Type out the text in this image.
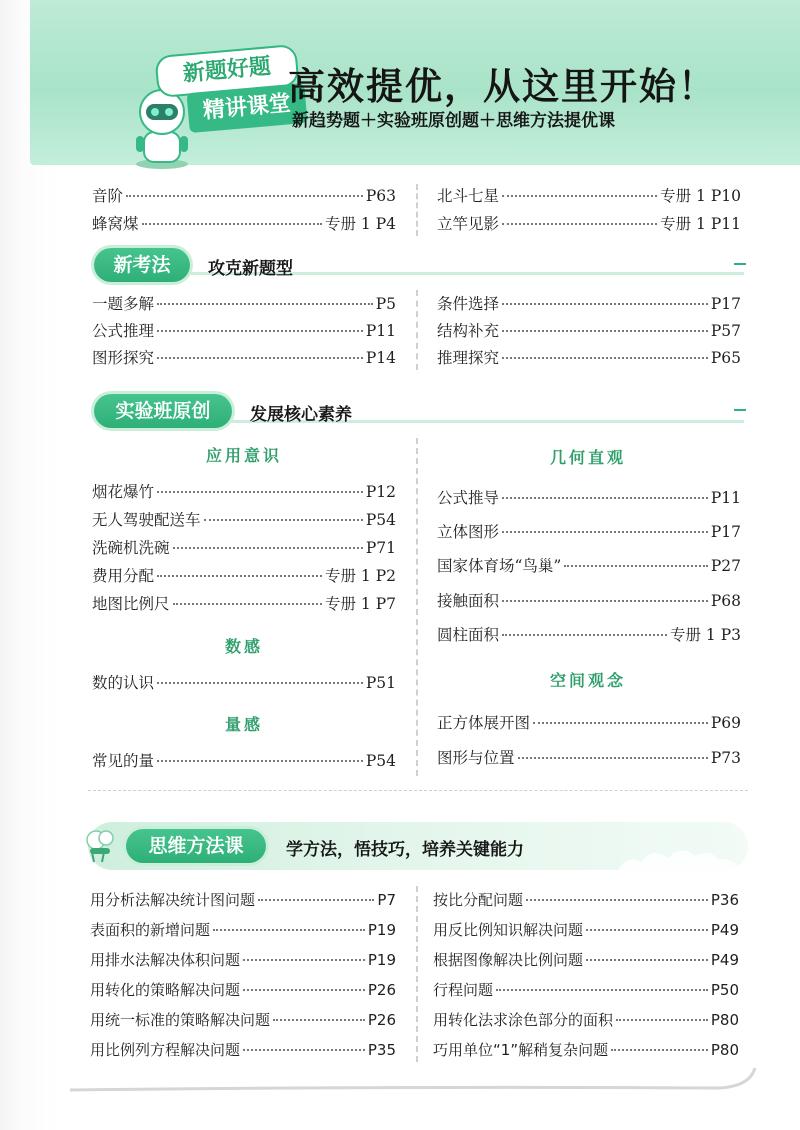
新题好题
精讲课堂
高效提优，从这里开始！
新趋势题＋实验班原创题＋思维方法提优课
音阶	P63
蜂窝煤	专册 1 P4
北斗七星	专册 1 P10
立竿见影	专册 1 P11
新考法	攻克新题型
一题多解	P5
公式推理	P11
图形探究	P14
条件选择	P17
结构补充	P57
推理探究	P65
实验班原创	发展核心素养
应用意识
烟花爆竹	P12
无人驾驶配送车	P54
洗碗机洗碗	P71
费用分配	专册 1 P2
地图比例尺	专册 1 P7
数感
数的认识	P51
量感
常见的量	P54
几何直观
公式推导	P11
立体图形	P17
国家体育场“鸟巢”	P27
接触面积	P68
圆柱面积	专册 1 P3
空间观念
正方体展开图	P69
图形与位置	P73
思维方法课	学方法，悟技巧，培养关键能力
用分析法解决统计图问题	P7
表面积的新增问题	P19
用排水法解决体积问题	P19
用转化的策略解决问题	P26
用统一标准的策略解决问题	P26
用比例列方程解决问题	P35
按比分配问题	P36
用反比例知识解决问题	P49
根据图像解决比例问题	P49
行程问题	P50
用转化法求涂色部分的面积	P80
巧用单位“1”解稍复杂问题	P80
